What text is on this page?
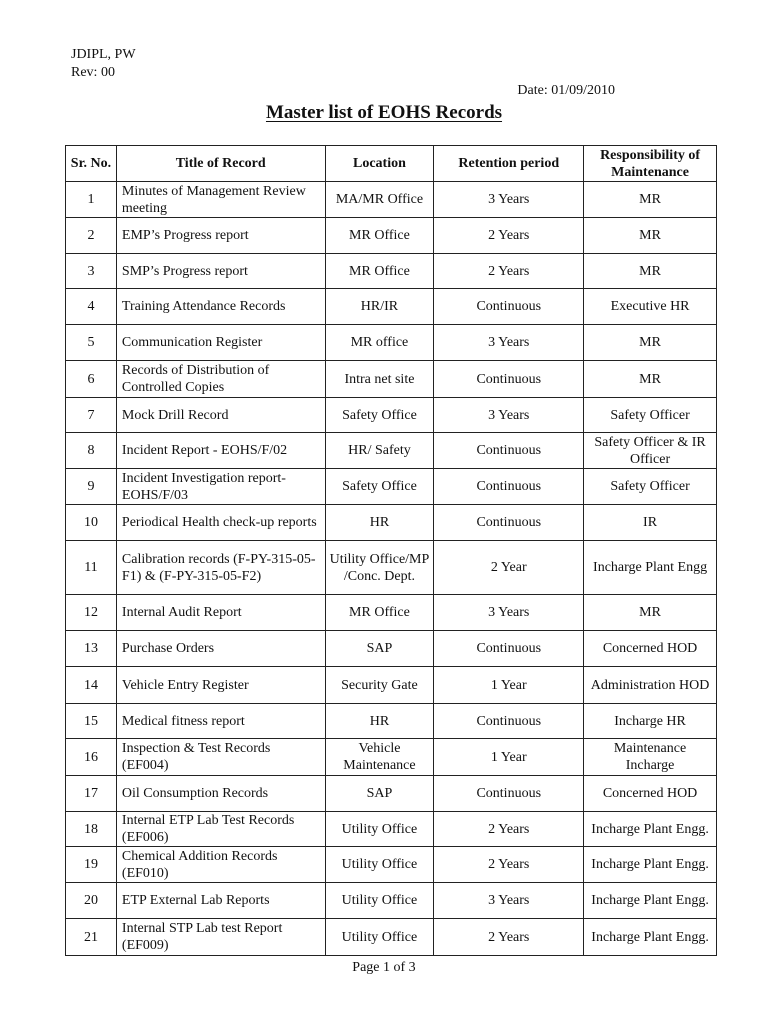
JDIPL, PW
Rev: 00
Date: 01/09/2010
Master list of EOHS Records
Sr. No.	Title of Record	Location	Retention period	Responsibility of Maintenance
1	Minutes of Management Review meeting	MA/MR Office	3 Years	MR
2	EMP’s Progress report	MR Office	2 Years	MR
3	SMP’s Progress report	MR Office	2 Years	MR
4	Training Attendance Records	HR/IR	Continuous	Executive HR
5	Communication Register	MR office	3 Years	MR
6	Records of Distribution of Controlled Copies	Intra net site	Continuous	MR
7	Mock Drill Record	Safety Office	3 Years	Safety Officer
8	Incident Report - EOHS/F/02	HR/ Safety	Continuous	Safety Officer & IR Officer
9	Incident Investigation report-EOHS/F/03	Safety Office	Continuous	Safety Officer
10	Periodical Health check-up reports	HR	Continuous	IR
11	Calibration records (F-PY-315-05-F1) & (F-PY-315-05-F2)	Utility Office/MP /Conc. Dept.	2 Year	Incharge Plant Engg
12	Internal Audit Report	MR Office	3 Years	MR
13	Purchase Orders	SAP	Continuous	Concerned HOD
14	Vehicle Entry Register	Security Gate	1 Year	Administration HOD
15	Medical fitness report	HR	Continuous	Incharge HR
16	Inspection & Test Records (EF004)	Vehicle Maintenance	1 Year	Maintenance Incharge
17	Oil Consumption Records	SAP	Continuous	Concerned HOD
18	Internal ETP Lab Test Records (EF006)	Utility Office	2 Years	Incharge Plant Engg.
19	Chemical Addition Records (EF010)	Utility Office	2 Years	Incharge Plant Engg.
20	ETP External Lab Reports	Utility Office	3 Years	Incharge Plant Engg.
21	Internal STP Lab test Report (EF009)	Utility Office	2 Years	Incharge Plant Engg.
Page 1 of 3
